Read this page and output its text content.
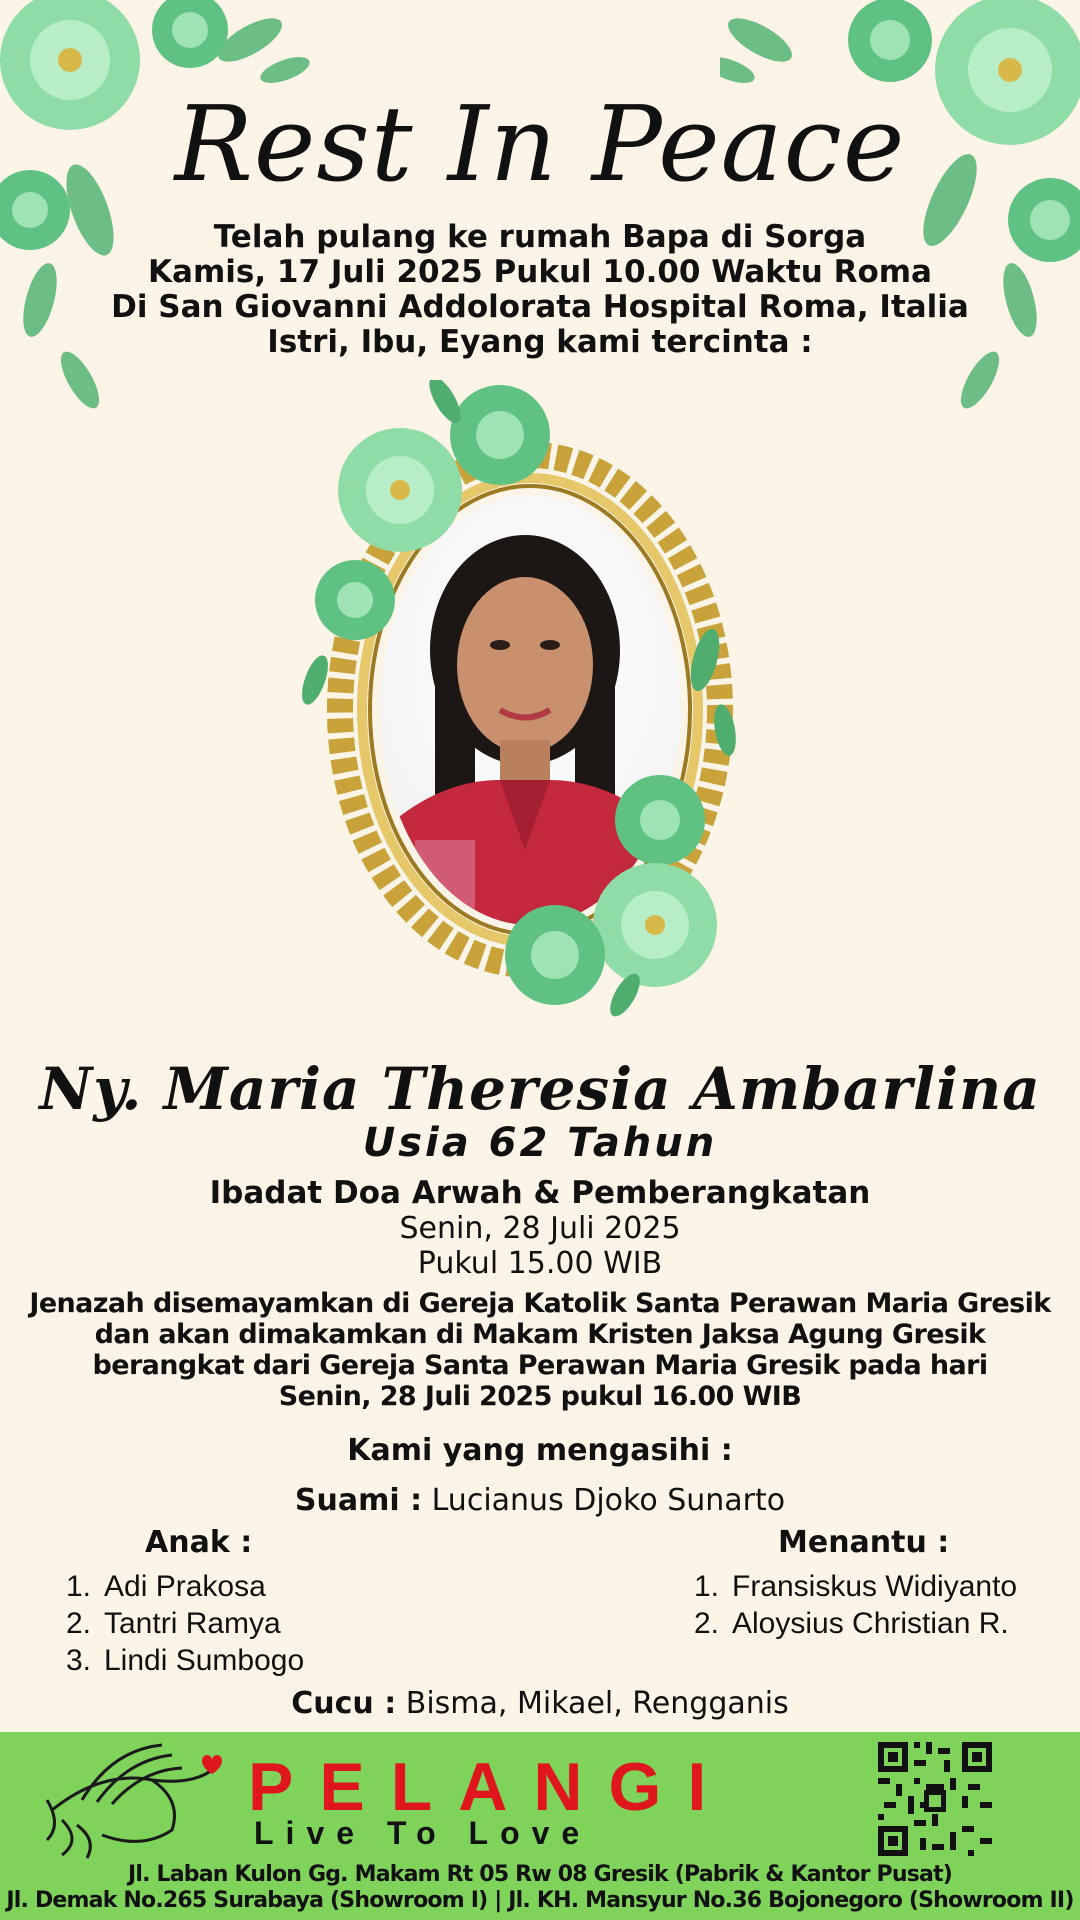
Rest In Peace
Telah pulang ke rumah Bapa di Sorga
Kamis, 17 Juli 2025 Pukul 10.00 Waktu Roma
Di San Giovanni Addolorata Hospital Roma, Italia
Istri, Ibu, Eyang kami tercinta :
Ny. Maria Theresia Ambarlina
Usia 62 Tahun
Ibadat Doa Arwah & Pemberangkatan
Senin, 28 Juli 2025
Pukul 15.00 WIB
Jenazah disemayamkan di Gereja Katolik Santa Perawan Maria Gresik
dan akan dimakamkan di Makam Kristen Jaksa Agung Gresik
berangkat dari Gereja Santa Perawan Maria Gresik pada hari
Senin, 28 Juli 2025 pukul 16.00 WIB
Kami yang mengasihi :
Suami : Lucianus Djoko Sunarto
Anak :
1. Adi Prakosa
2. Tantri Ramya
3. Lindi Sumbogo
Menantu :
1. Fransiskus Widiyanto
2. Aloysius Christian R.
Cucu : Bisma, Mikael, Rengganis
PELANGI
Live To Love
Jl. Laban Kulon Gg. Makam Rt 05 Rw 08 Gresik (Pabrik & Kantor Pusat)
Jl. Demak No.265 Surabaya (Showroom I) | Jl. KH. Mansyur No.36 Bojonegoro (Showroom II)
